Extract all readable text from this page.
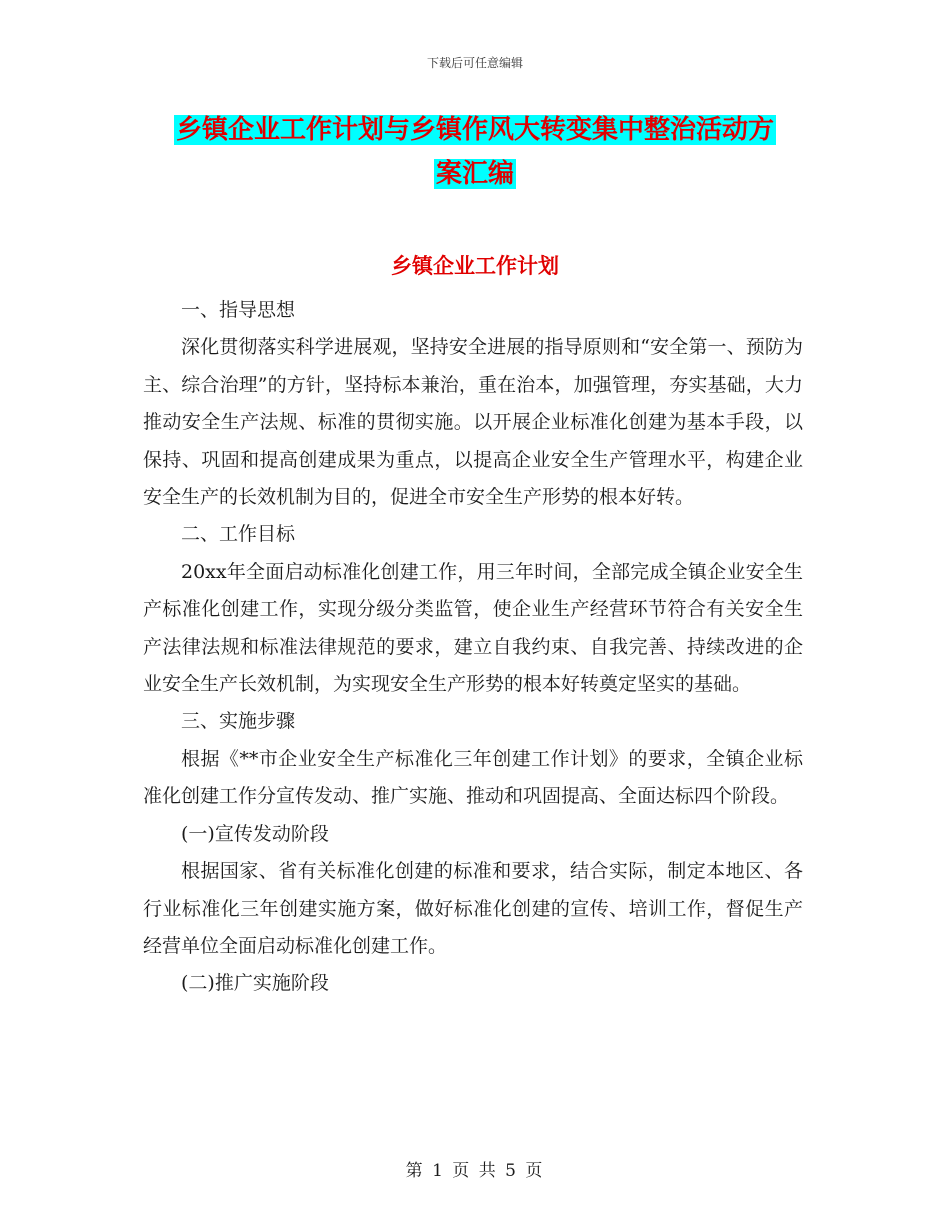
下载后可任意编辑
乡镇企业工作计划与乡镇作风大转变集中整治活动方
案汇编
乡镇企业工作计划

一、指导思想

深化贯彻落实科学进展观，坚持安全进展的指导原则和“安全第一、预防为主、综合治理”的方针，坚持标本兼治，重在治本，加强管理，夯实基础，大力推动安全生产法规、标准的贯彻实施。以开展企业标准化创建为基本手段，以保持、巩固和提高创建成果为重点，以提高企业安全生产管理水平，构建企业安全生产的长效机制为目的，促进全市安全生产形势的根本好转。

二、工作目标

20xx年全面启动标准化创建工作，用三年时间，全部完成全镇企业安全生产标准化创建工作，实现分级分类监管，使企业生产经营环节符合有关安全生产法律法规和标准法律规范的要求，建立自我约束、自我完善、持续改进的企业安全生产长效机制，为实现安全生产形势的根本好转奠定坚实的基础。

三、实施步骤

根据《**市企业安全生产标准化三年创建工作计划》的要求，全镇企业标准化创建工作分宣传发动、推广实施、推动和巩固提高、全面达标四个阶段。

(一)宣传发动阶段

根据国家、省有关标准化创建的标准和要求，结合实际，制定本地区、各行业标准化三年创建实施方案，做好标准化创建的宣传、培训工作，督促生产经营单位全面启动标准化创建工作。

(二)推广实施阶段

第 1 页 共 5 页
